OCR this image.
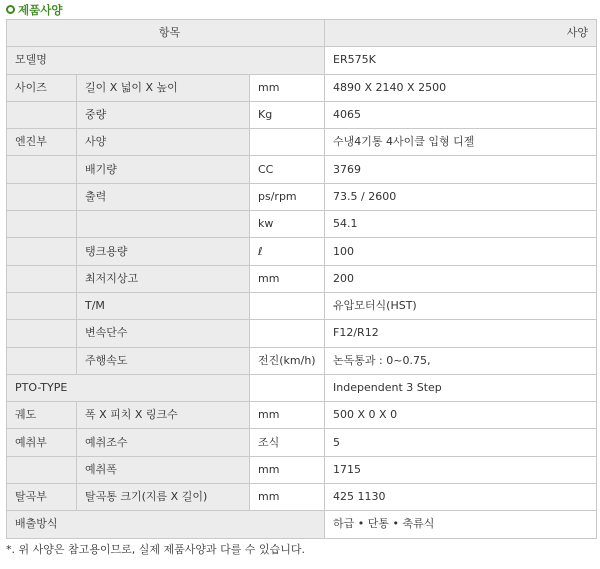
제품사양
항목			사양
모델명			ER575K
사이즈	길이 X 넓이 X 높이	mm	4890 X 2140 X 2500
	중량	Kg	4065
엔진부	사양		수냉4기통 4사이클 입형 디젤
	배기량	CC	3769
	출력	ps/rpm	73.5 / 2600
		kw	54.1
	탱크용량	ℓ	100
	최저지상고	mm	200
	T/M		유압모터식(HST)
	변속단수		F12/R12
	주행속도	전진(km/h)	논독통과 : 0~0.75,
PTO-TYPE			Independent 3 Step
궤도	폭 X 피치 X 링크수	mm	500 X 0 X 0
예취부	예취조수	조식	5
	예취폭	mm	1715
탈곡부	탈곡통 크기(지름 X 길이)	mm	425 1130
배출방식			하급 • 단통 • 축류식
*. 위 사양은 참고용이므로, 실제 제품사양과 다를 수 있습니다.
